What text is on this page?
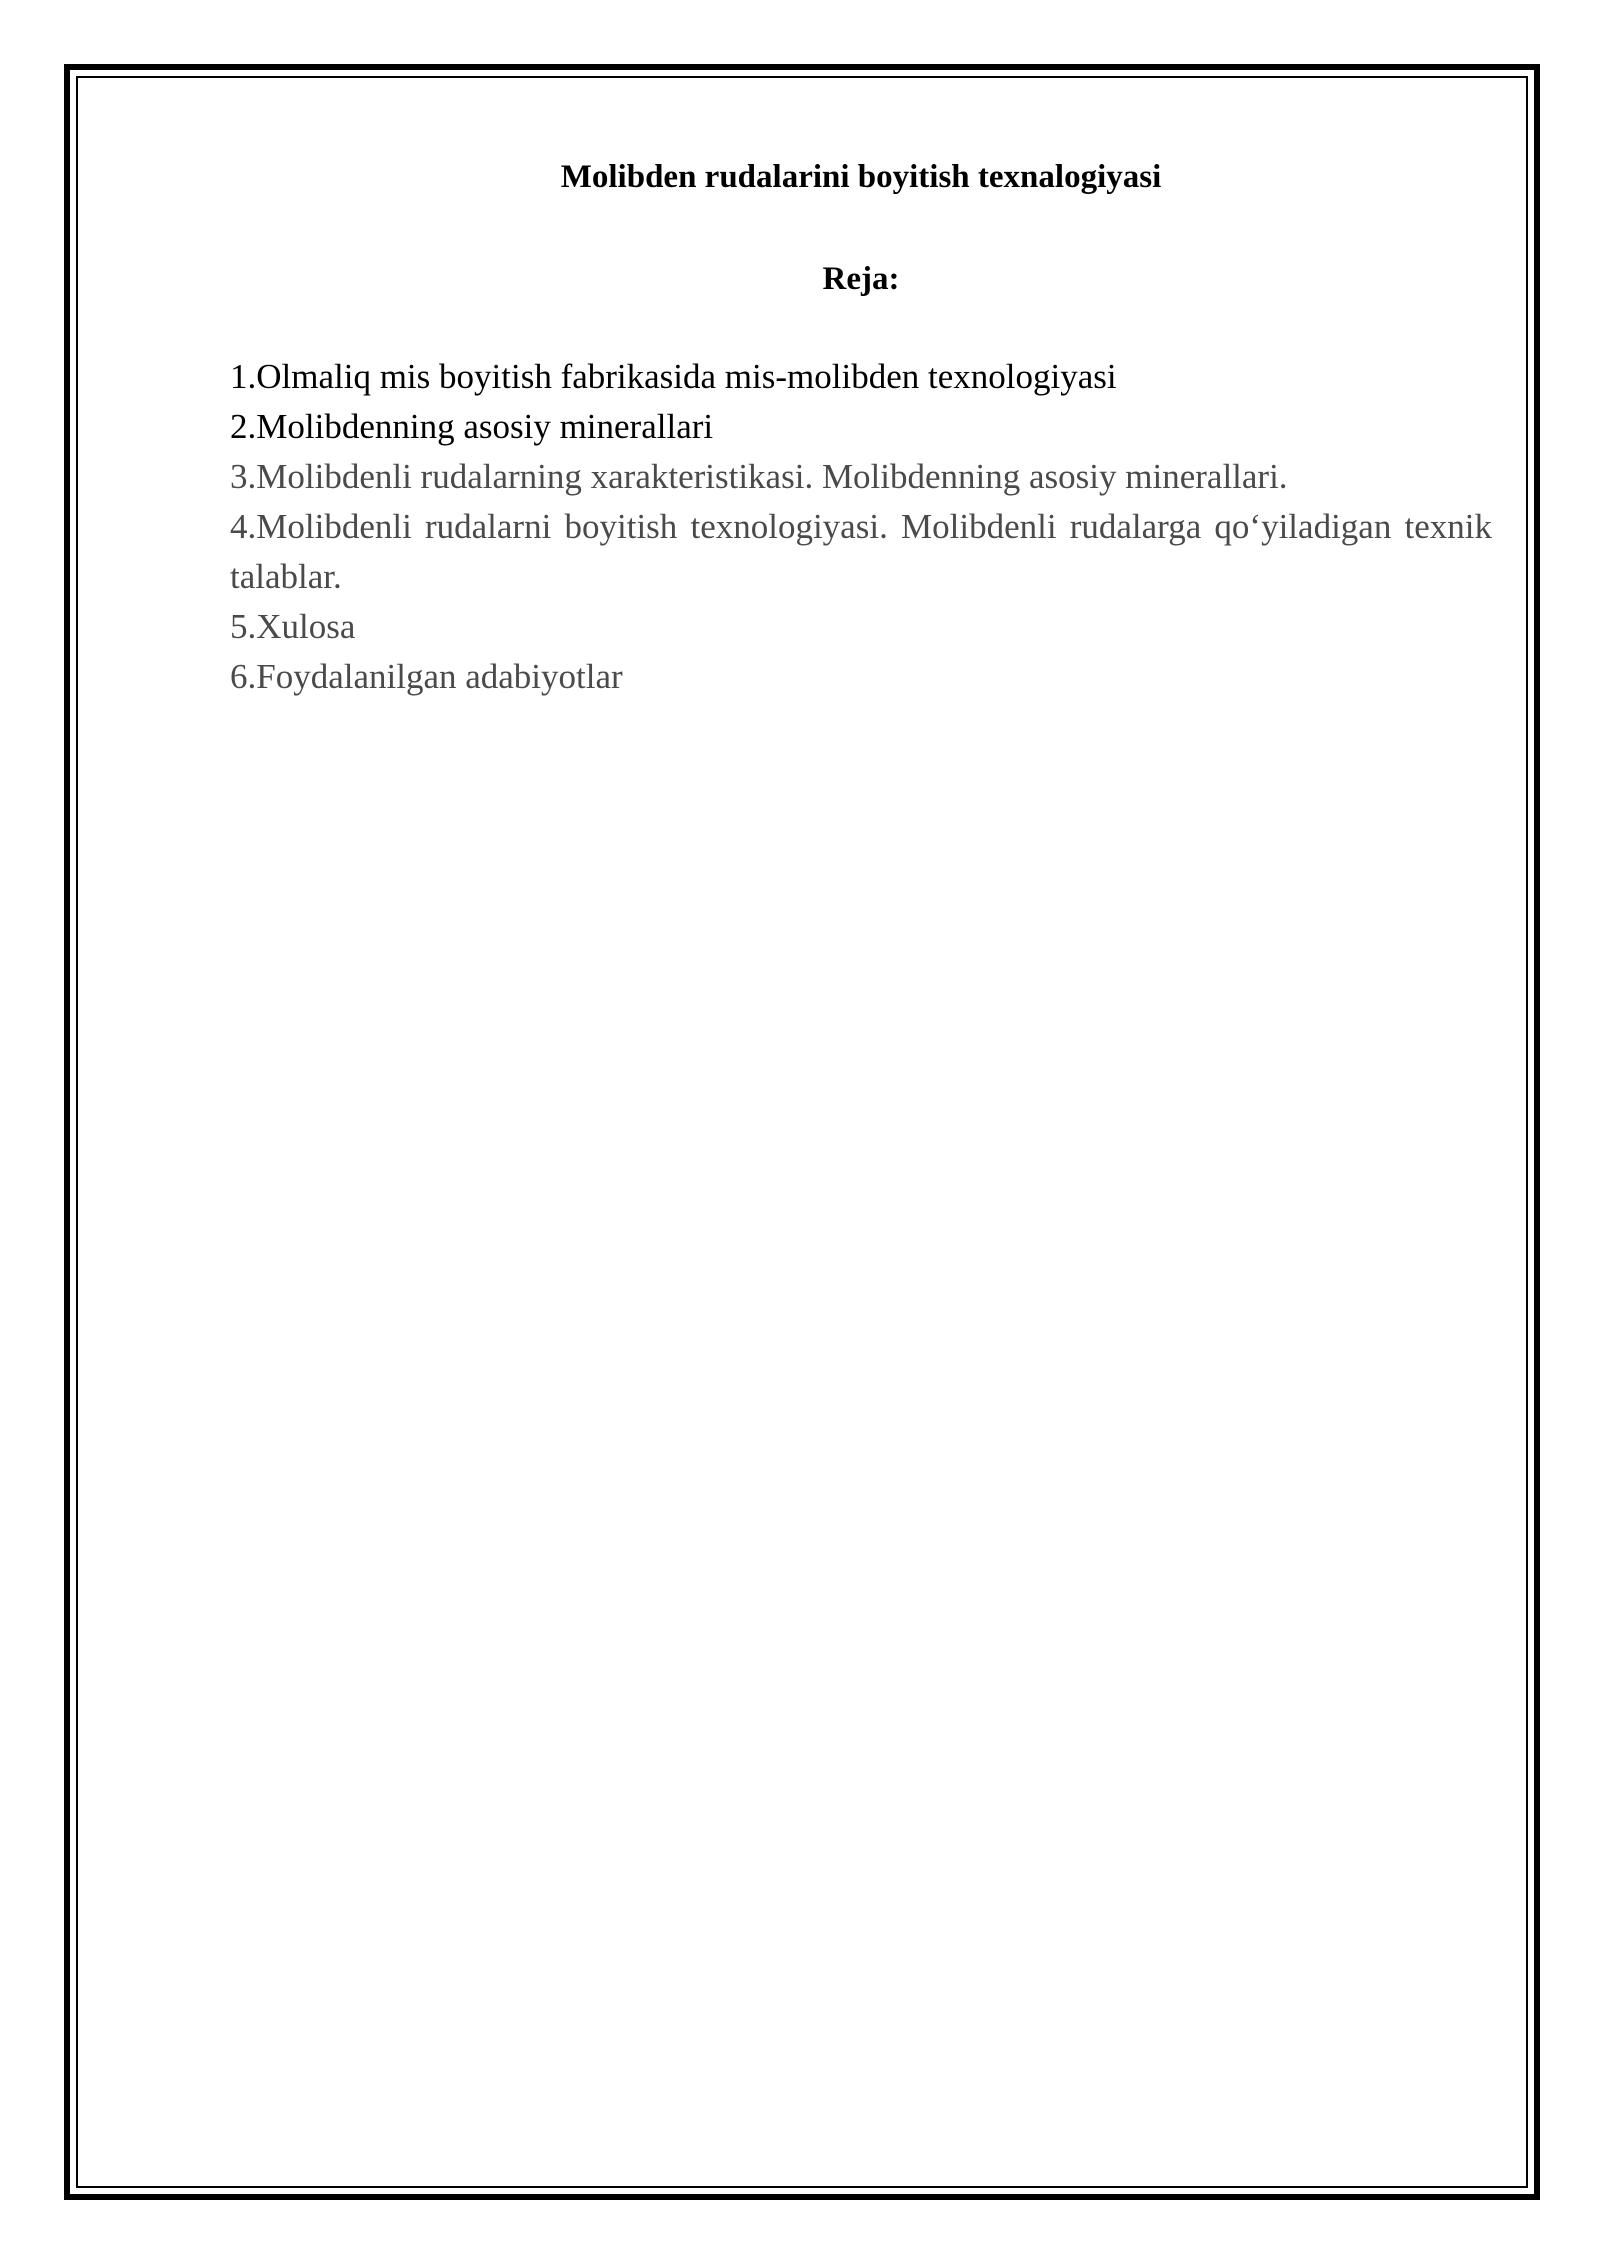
Molibden rudalarini boyitish texnalogiyasi
Reja:
1.Olmaliq mis boyitish fabrikasida mis-molibden texnologiyasi
2.Molibdenning asosiy minerallari
3.Molibdenli rudalarning xarakteristikasi. Molibdenning asosiy minerallari.
4.Molibdenli rudalarni boyitish texnologiyasi. Molibdenli rudalarga qo‘yiladigan texnik talablar.
5.Xulosa
6.Foydalanilgan adabiyotlar
